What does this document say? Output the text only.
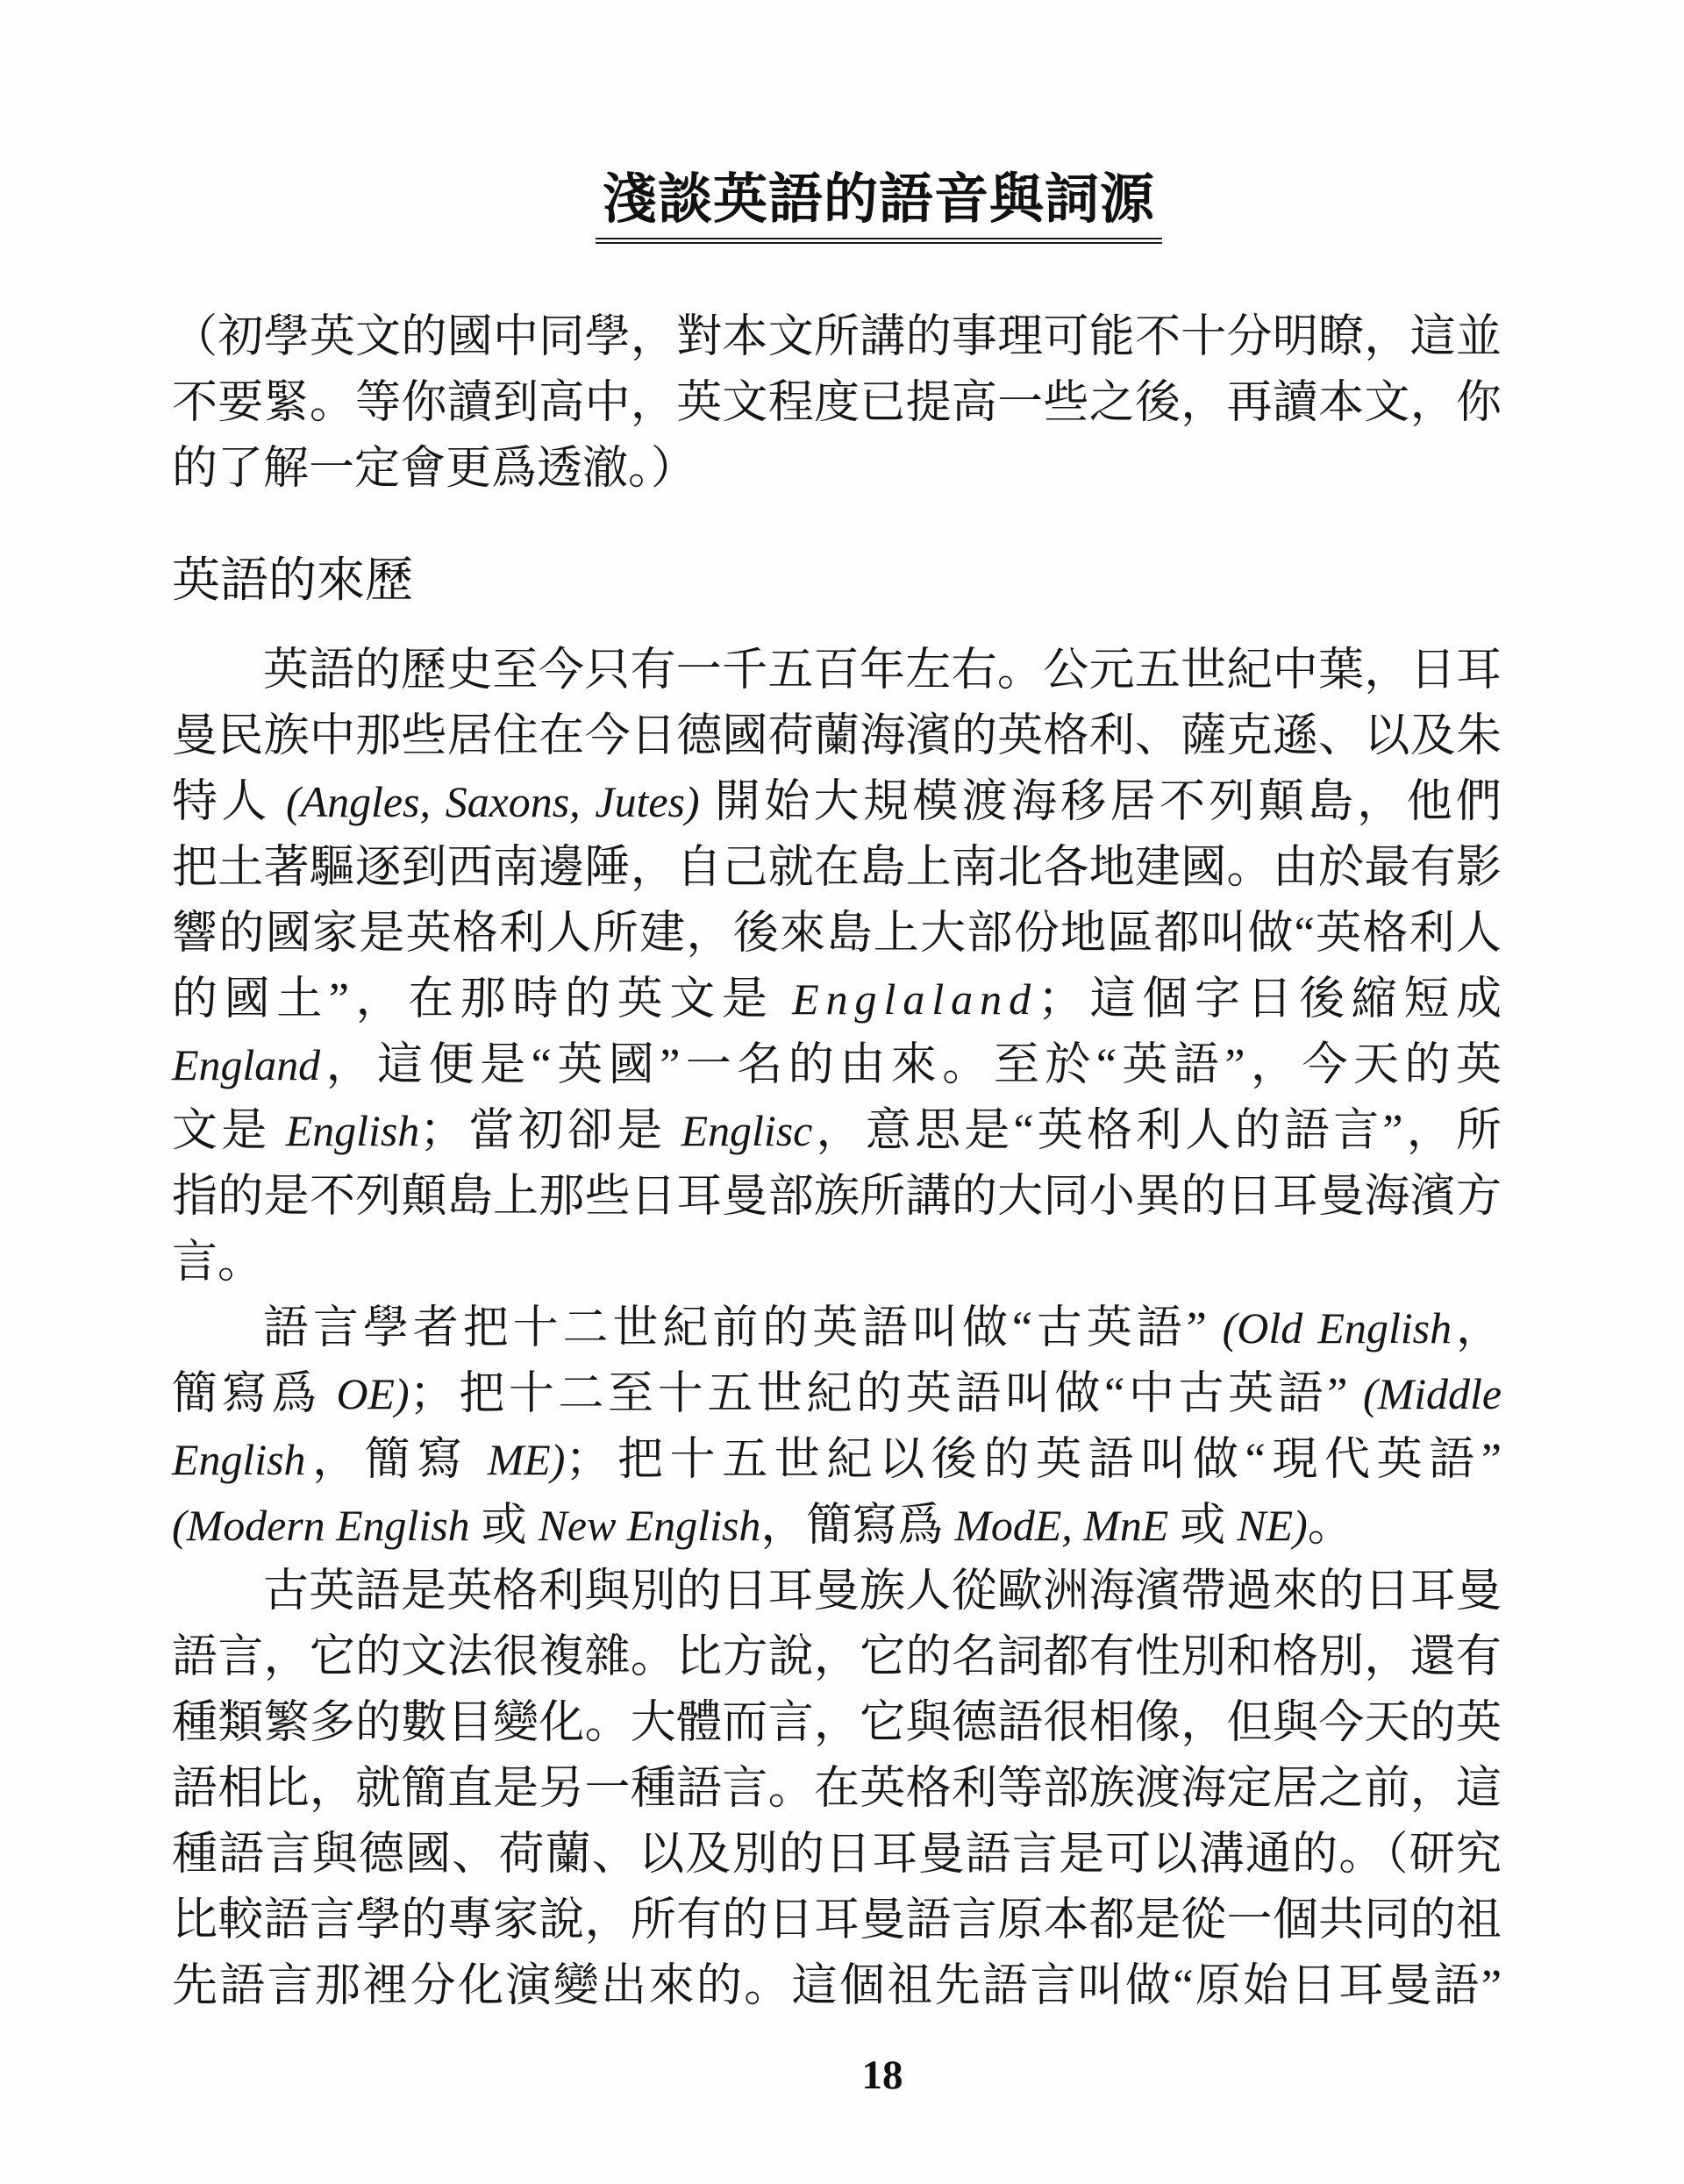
淺談英語的語音與詞源
（初學英文的國中同學，對本文所講的事理可能不十分明瞭，這並
不要緊。等你讀到高中，英文程度已提高一些之後，再讀本文，你
的了解一定會更爲透澈。）
英語的來歷
英語的歷史至今只有一千五百年左右。公元五世紀中葉，日耳
曼民族中那些居住在今日德國荷蘭海濱的英格利、薩克遜、以及朱
特人 (Angles, Saxons, Jutes) 開始大規模渡海移居不列顛島，他們
把土著驅逐到西南邊陲，自己就在島上南北各地建國。由於最有影
響的國家是英格利人所建，後來島上大部份地區都叫做“英格利人
的國土”，在那時的英文是 Englaland；這個字日後縮短成
England，這便是“英國”一名的由來。至於“英語”，今天的英
文是 English；當初卻是 Englisc，意思是“英格利人的語言”，所
指的是不列顛島上那些日耳曼部族所講的大同小異的日耳曼海濱方
言。
語言學者把十二世紀前的英語叫做“古英語” (Old English，
簡寫爲 OE)；把十二至十五世紀的英語叫做“中古英語” (Middle
English，簡寫 ME)；把十五世紀以後的英語叫做“現代英語”
(Modern English 或 New English，簡寫爲 ModE, MnE 或 NE)。
古英語是英格利與別的日耳曼族人從歐洲海濱帶過來的日耳曼
語言，它的文法很複雜。比方說，它的名詞都有性別和格別，還有
種類繁多的數目變化。大體而言，它與德語很相像，但與今天的英
語相比，就簡直是另一種語言。在英格利等部族渡海定居之前，這
種語言與德國、荷蘭、以及別的日耳曼語言是可以溝通的。（研究
比較語言學的專家說，所有的日耳曼語言原本都是從一個共同的祖
先語言那裡分化演變出來的。這個祖先語言叫做“原始日耳曼語”
18
